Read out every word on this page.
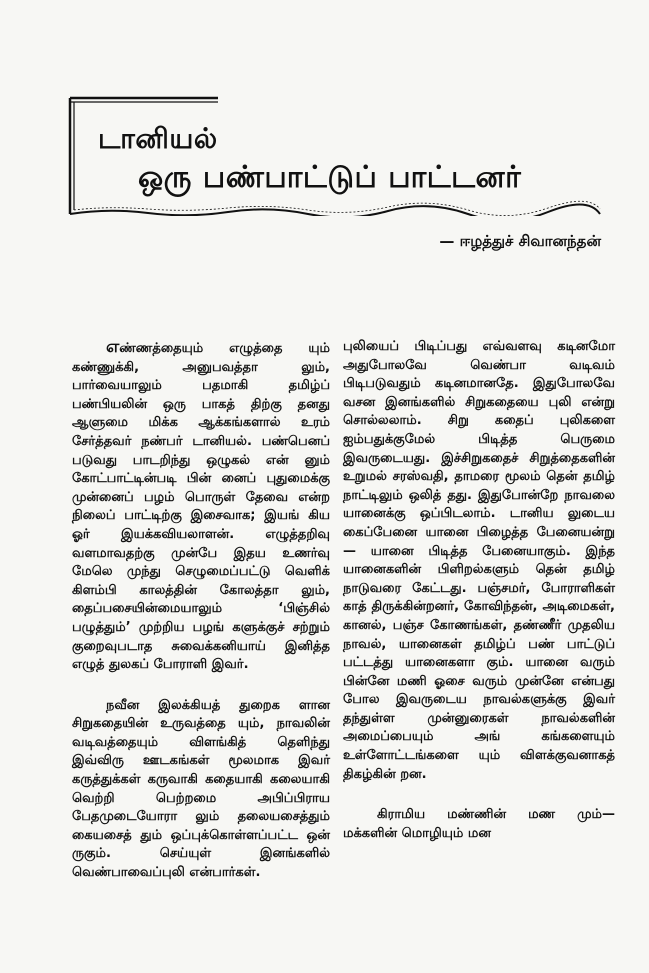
டானியல்
ஒரு பண்பாட்டுப் பாட்டனர்
— ஈழத்துச் சிவானந்தன்

எண்ணத்தையும் எழுத்தை யும் கண்ணுக்கி, அனுபவத்தா லும், பார்வையாலும் பதமாகி தமிழ்ப் பண்பியலின் ஒரு பாகத் திற்கு தனது ஆளுமை மிக்க ஆக்கங்களால் உரம் சேர்த்தவர் நண்பர் டானியல். பண்பெனப் படுவது பாடறிந்து ஒழுகல் என் னும் கோட்பாட்டின்படி பின் னைப் புதுமைக்கு முன்னைப் பழம் பொருள் தேவை என்ற நிலைப் பாட்டிற்கு இசைவாக; இயங் கிய ஓர் இயக்கவியலாளன். எழுத்தறிவு வளமாவதற்கு முன்பே இதய உணர்வு மேலெ முந்து செழுமைப்பட்டு வெளிக் கிளம்பி காலத்தின் கோலத்தா லும், தைப்பசையின்மையாலும் ‘பிஞ்சில் பழுத்தும்’ முற்றிய பழங் களுக்குச் சற்றும் குறைவுபடாத சுவைக்கனியாய் இனித்த எழுத் துலகப் போராளி இவர்.

நவீன இலக்கியத் துறைக ளான சிறுகதையின் உருவத்தை யும், நாவலின் வடிவத்தையும் விளங்கித் தெளிந்து இவ்விரு ஊடகங்கள் மூலமாக இவர் கருத்துக்கள் கருவாகி கதையாகி கலையாகி வெற்றி பெற்றமை அபிப்பிராய பேதமுடையோரா லும் தலையசைத்தும் கையசைத் தும் ஒப்புக்கொள்ளப்பட்ட ஒன் ருகும். செய்யுள் இனங்களில் வெண்பாவைப்புலி என்பார்கள்.

புலியைப் பிடிப்பது எவ்வளவு கடினமோ அதுபோலவே வெண்பா வடிவம் பிடிபடுவதும் கடினமானதே. இதுபோலவே வசன இனங்களில் சிறுகதையை புலி என்று சொல்லலாம். சிறு கதைப் புலிகளை ஐம்பதுக்குமேல் பிடித்த பெருமை இவருடையது. இச்சிறுகதைச் சிறுத்தைகளின் உறுமல் சரஸ்வதி, தாமரை மூலம் தென் தமிழ் நாட்டிலும் ஒலித் தது. இதுபோன்றே நாவலை யானைக்கு ஒப்பிடலாம். டானிய லுடைய கைப்பேனை யானை பிழைத்த பேனையன்று — யானை பிடித்த பேனையாகும். இந்த யானைகளின் பிளிறல்களும் தென் தமிழ் நாடுவரை கேட்டது. பஞ்சமர், போராளிகள் காத் திருக்கின்றனர், கோவிந்தன், அடிமைகள், கானல், பஞ்ச கோணங்கள், தண்ணீர் முதலிய நாவல், யானைகள் தமிழ்ப் பண் பாட்டுப் பட்டத்து யானைகளா கும். யானை வரும் பின்னே மணி ஓசை வரும் முன்னே என்பது போல இவருடைய நாவல்களுக்கு இவர் தந்துள்ள முன்னுரைகள் நாவல்களின் அமைப்பையும் அங் கங்களையும் உள்ளோட்டங்களை யும் விளக்குவனாகத் திகழ்கின் றன.

கிராமிய மண்ணின் மண மும்—மக்களின் மொழியும் மன
